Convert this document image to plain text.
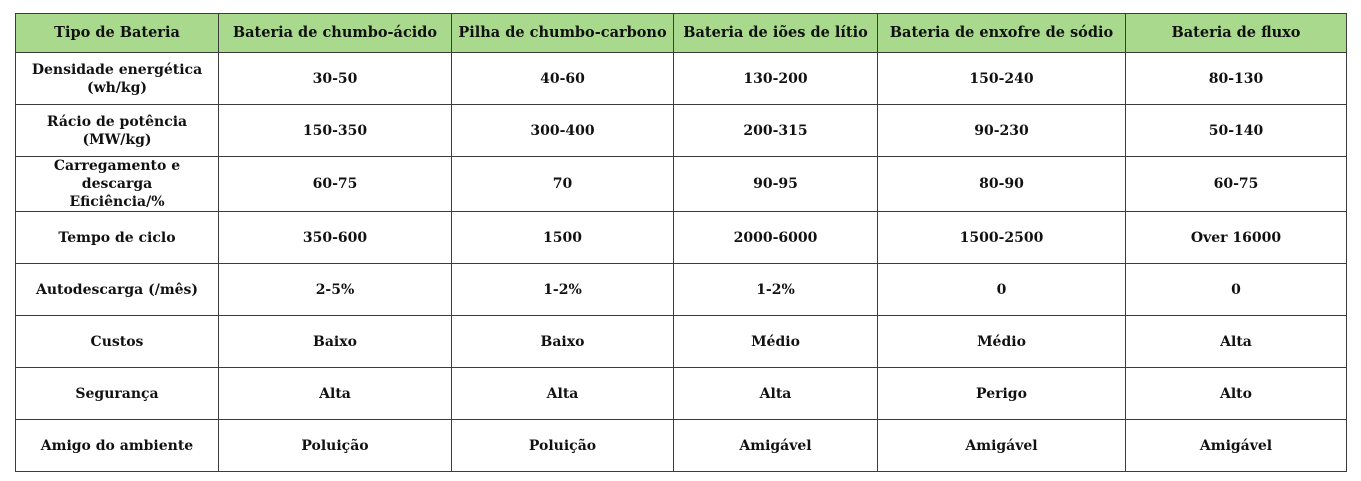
Tipo de Bateria	Bateria de chumbo-ácido	Pilha de chumbo-carbono	Bateria de iões de lítio	Bateria de enxofre de sódio	Bateria de fluxo

Densidade energética
(wh/kg)	30-50	40-60	130-200	150-240	80-130

Rácio de potência
(MW/kg)	150-350	300-400	200-315	90-230	50-140

Carregamento e descarga
Eficiência/%	60-75	70	90-95	80-90	60-75

Tempo de ciclo	350-600	1500	2000-6000	1500-2500	Over 16000

Autodescarga (/mês)	2-5%	1-2%	1-2%	0	0

Custos	Baixo	Baixo	Médio	Médio	Alta

Segurança	Alta	Alta	Alta	Perigo	Alto

Amigo do ambiente	Poluição	Poluição	Amigável	Amigável	Amigável
